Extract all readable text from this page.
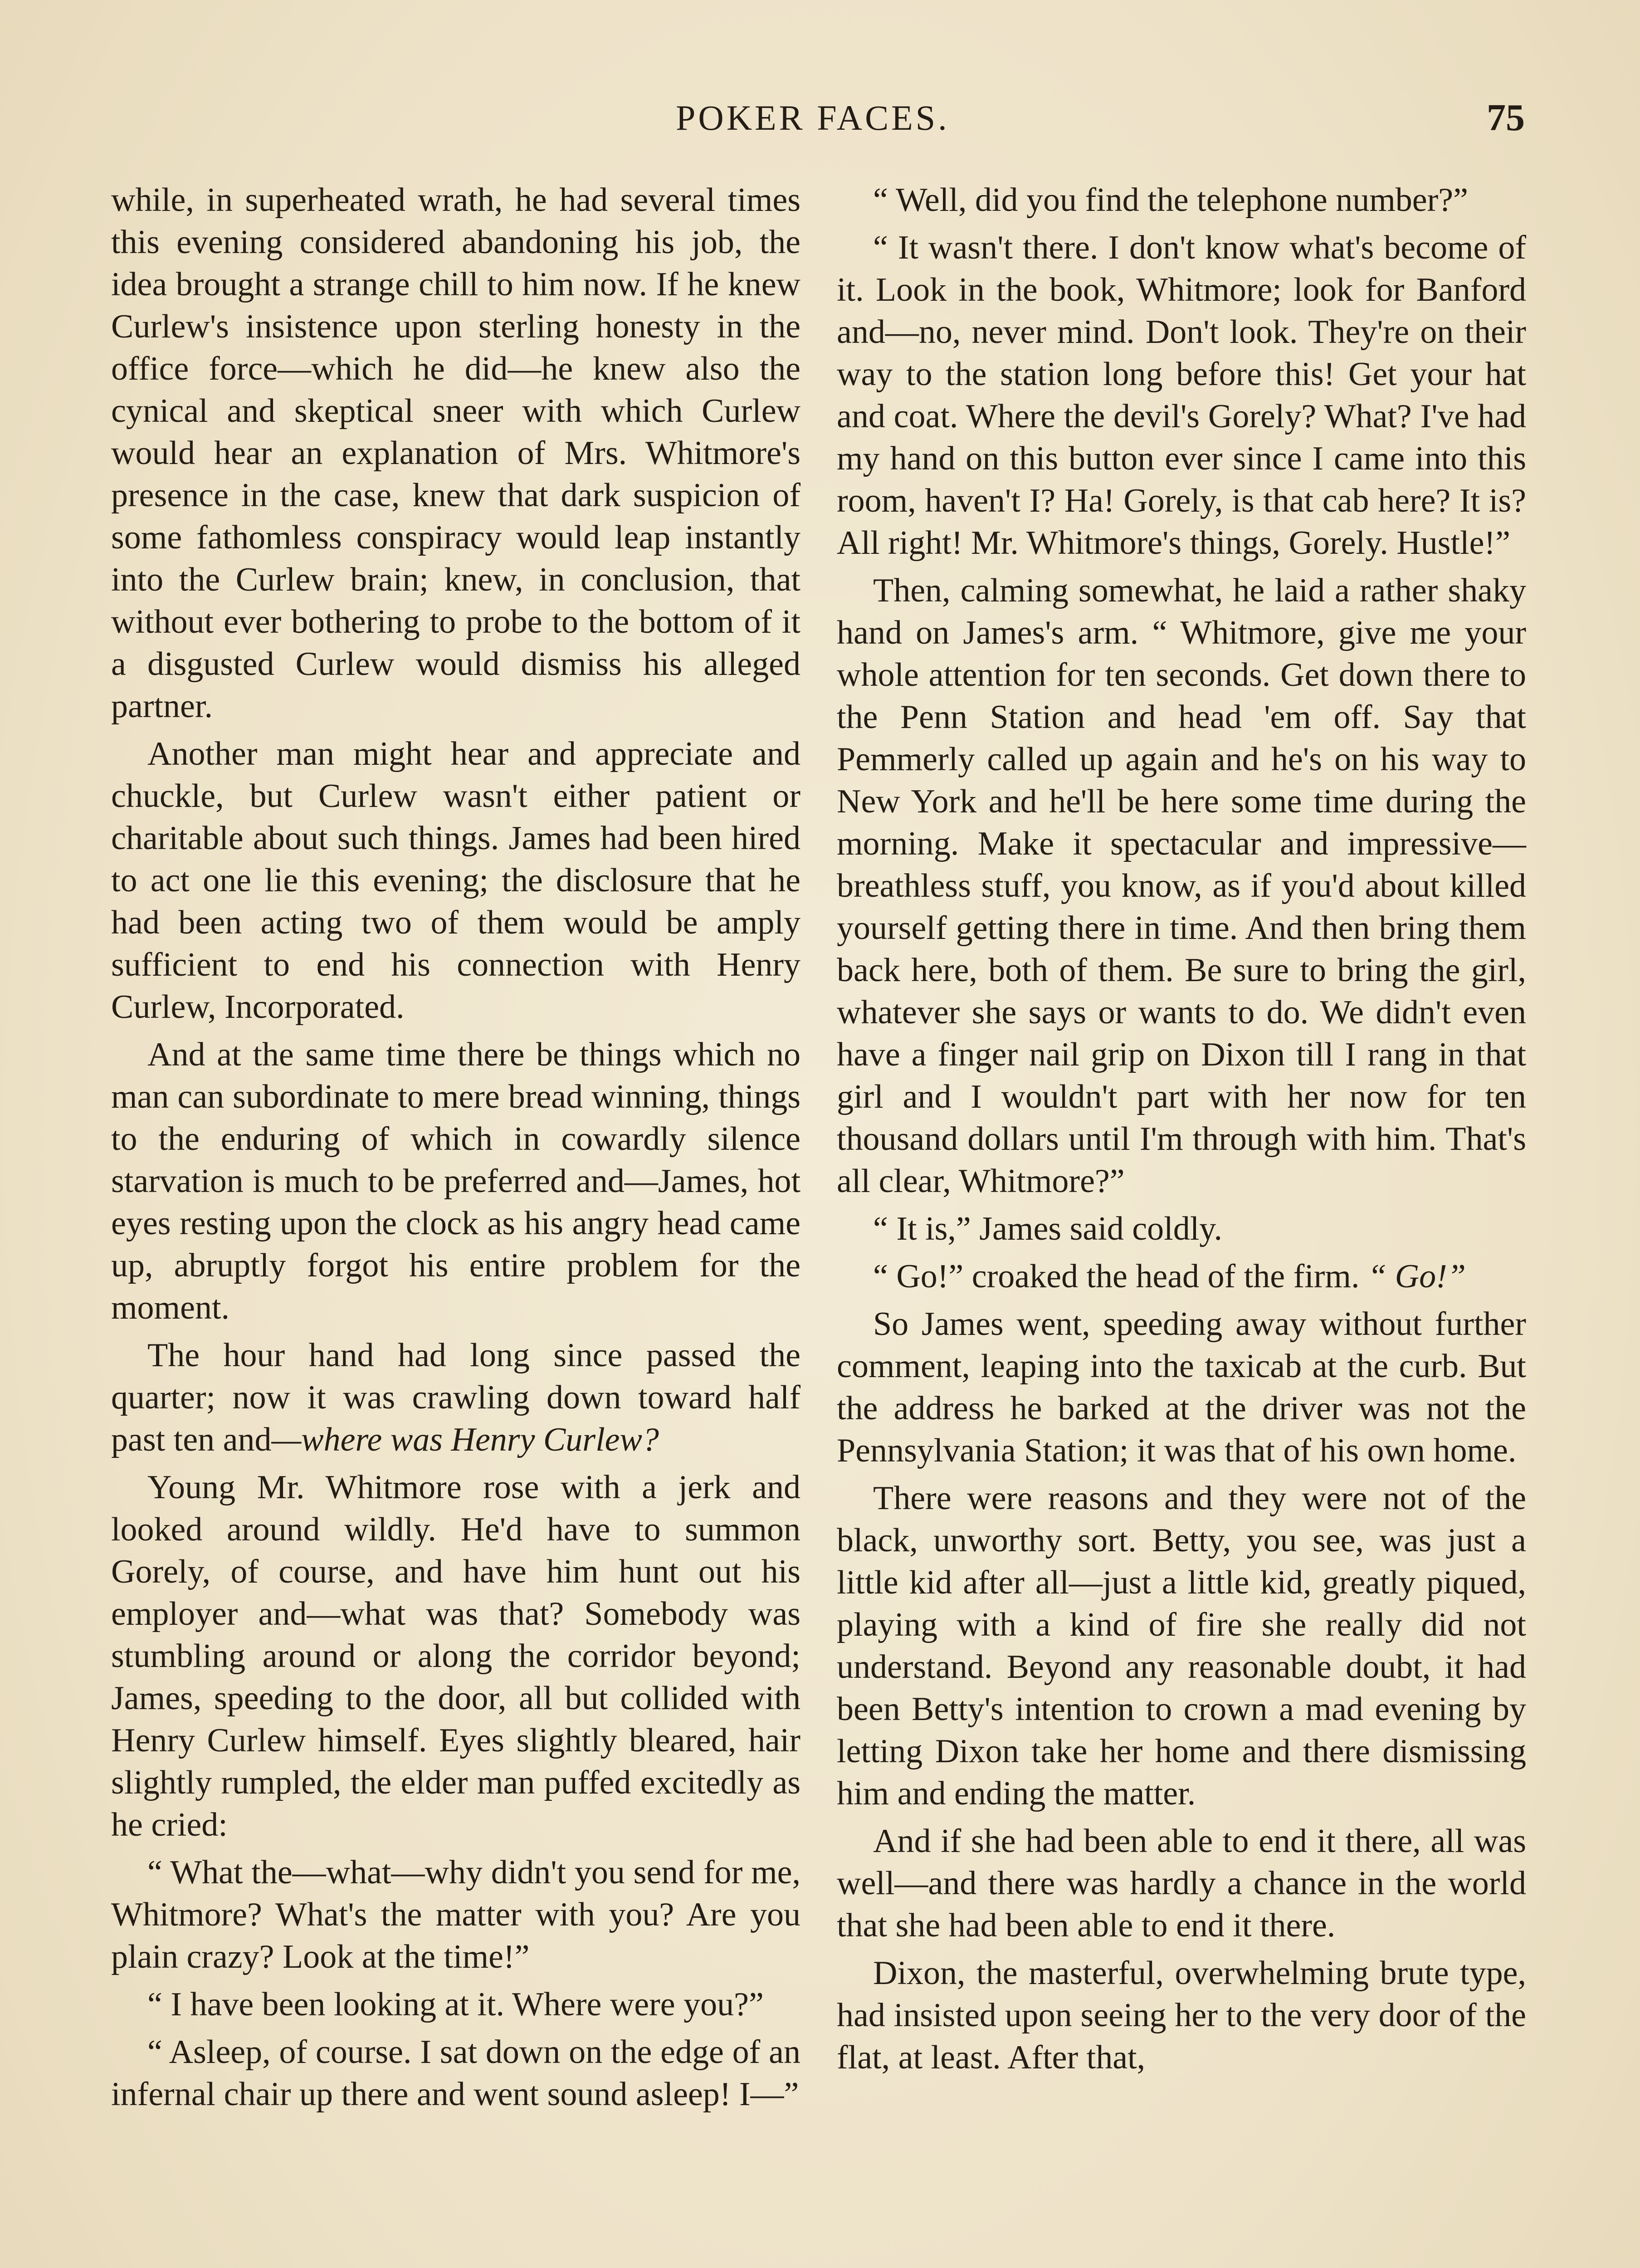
POKER FACES.	75

while, in superheated wrath, he had several times this evening considered abandoning his job, the idea brought a strange chill to him now. If he knew Curlew's insistence upon sterling honesty in the office force—which he did—he knew also the cynical and skeptical sneer with which Curlew would hear an explanation of Mrs. Whitmore's presence in the case, knew that dark suspicion of some fathomless conspiracy would leap instantly into the Curlew brain; knew, in conclusion, that without ever bothering to probe to the bottom of it a disgusted Curlew would dismiss his alleged partner.

Another man might hear and appreciate and chuckle, but Curlew wasn't either patient or charitable about such things. James had been hired to act one lie this evening; the disclosure that he had been acting two of them would be amply sufficient to end his connection with Henry Curlew, Incorporated.

And at the same time there be things which no man can subordinate to mere bread winning, things to the enduring of which in cowardly silence starvation is much to be preferred and—James, hot eyes resting upon the clock as his angry head came up, abruptly forgot his entire problem for the moment.

The hour hand had long since passed the quarter; now it was crawling down toward half past ten and—where was Henry Curlew?

Young Mr. Whitmore rose with a jerk and looked around wildly. He'd have to summon Gorely, of course, and have him hunt out his employer and—what was that? Somebody was stumbling around or along the corridor beyond; James, speeding to the door, all but collided with Henry Curlew himself. Eyes slightly bleared, hair slightly rumpled, the elder man puffed excitedly as he cried:

“ What the—what—why didn't you send for me, Whitmore? What's the matter with you? Are you plain crazy? Look at the time!”

“ I have been looking at it. Where were you?”

“ Asleep, of course. I sat down on the edge of an infernal chair up there and went sound asleep! I—”

“ Well, did you find the telephone number?”

“ It wasn't there. I don't know what's become of it. Look in the book, Whitmore; look for Banford and—no, never mind. Don't look. They're on their way to the station long before this! Get your hat and coat. Where the devil's Gorely? What? I've had my hand on this button ever since I came into this room, haven't I? Ha! Gorely, is that cab here? It is? All right! Mr. Whitmore's things, Gorely. Hustle!”

Then, calming somewhat, he laid a rather shaky hand on James's arm. “ Whitmore, give me your whole attention for ten seconds. Get down there to the Penn Station and head 'em off. Say that Pemmerly called up again and he's on his way to New York and he'll be here some time during the morning. Make it spectacular and impressive—breathless stuff, you know, as if you'd about killed yourself getting there in time. And then bring them back here, both of them. Be sure to bring the girl, whatever she says or wants to do. We didn't even have a finger nail grip on Dixon till I rang in that girl and I wouldn't part with her now for ten thousand dollars until I'm through with him. That's all clear, Whitmore?”

“ It is,” James said coldly.

“ Go!” croaked the head of the firm. “ Go!”

So James went, speeding away without further comment, leaping into the taxicab at the curb. But the address he barked at the driver was not the Pennsylvania Station; it was that of his own home.

There were reasons and they were not of the black, unworthy sort. Betty, you see, was just a little kid after all—just a little kid, greatly piqued, playing with a kind of fire she really did not understand. Beyond any reasonable doubt, it had been Betty's intention to crown a mad evening by letting Dixon take her home and there dismissing him and ending the matter.

And if she had been able to end it there, all was well—and there was hardly a chance in the world that she had been able to end it there.

Dixon, the masterful, overwhelming brute type, had insisted upon seeing her to the very door of the flat, at least. After that,
